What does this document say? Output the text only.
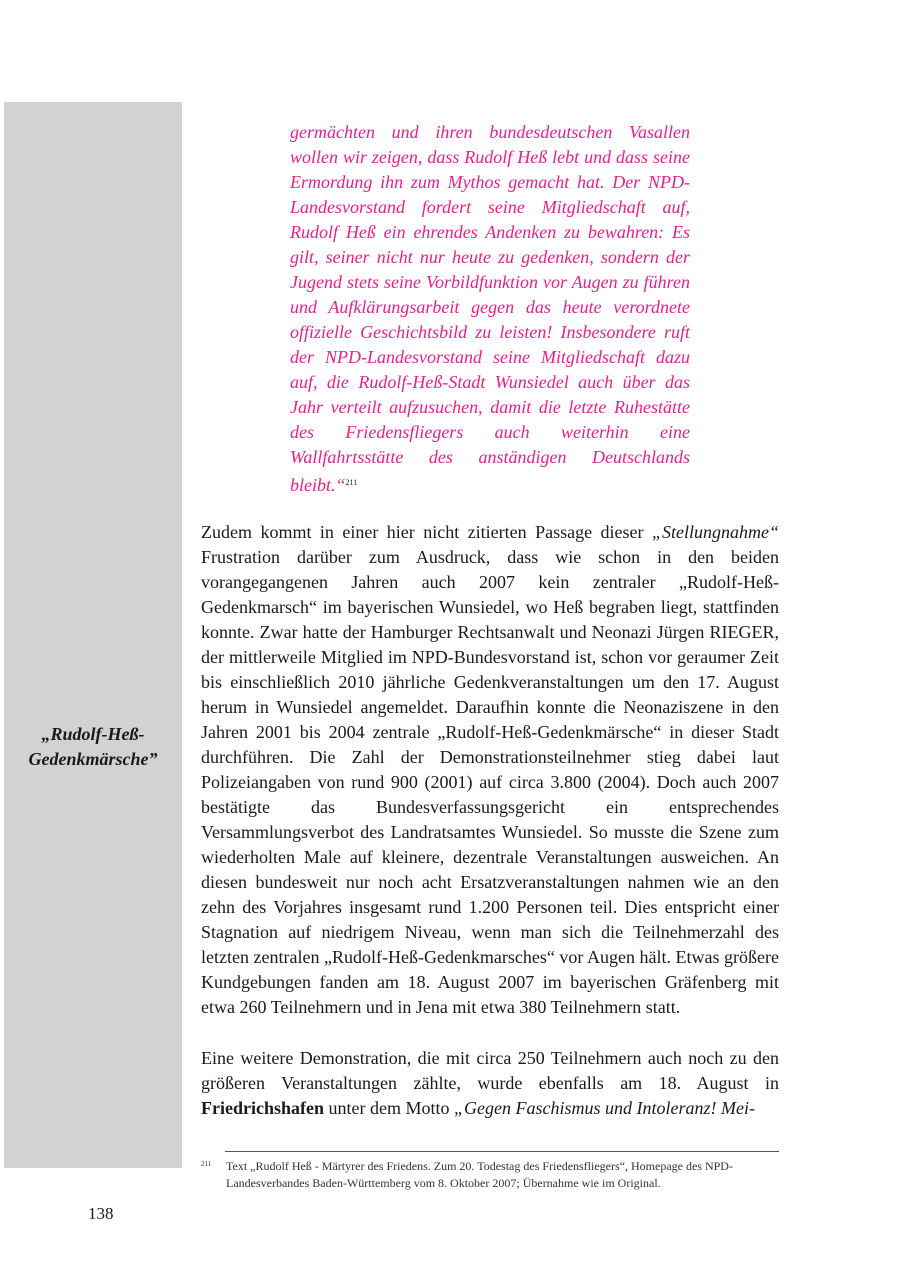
„Rudolf-Heß-Gedenkmärsche”

germächten und ihren bundesdeutschen Vasallen wollen wir zeigen, dass Rudolf Heß lebt und dass seine Ermordung ihn zum Mythos gemacht hat. Der NPD-Landesvorstand fordert seine Mitgliedschaft auf, Rudolf Heß ein ehrendes Andenken zu bewahren: Es gilt, seiner nicht nur heute zu gedenken, sondern der Jugend stets seine Vorbildfunktion vor Augen zu führen und Aufklärungsarbeit gegen das heute verordnete offizielle Geschichtsbild zu leisten! Insbesondere ruft der NPD-Landesvorstand seine Mitgliedschaft dazu auf, die Rudolf-Heß-Stadt Wunsiedel auch über das Jahr verteilt aufzusuchen, damit die letzte Ruhestätte des Friedensfliegers auch weiterhin eine Wallfahrtsstätte des anständigen Deutschlands bleibt.“$^{211}$

Zudem kommt in einer hier nicht zitierten Passage dieser „Stellungnahme“ Frustration darüber zum Ausdruck, dass wie schon in den beiden vorangegangenen Jahren auch 2007 kein zentraler „Rudolf-Heß-Gedenkmarsch“ im bayerischen Wunsiedel, wo Heß begraben liegt, stattfinden konnte. Zwar hatte der Hamburger Rechtsanwalt und Neonazi Jürgen RIEGER, der mittlerweile Mitglied im NPD-Bundesvorstand ist, schon vor geraumer Zeit bis einschließlich 2010 jährliche Gedenkveranstaltungen um den 17. August herum in Wunsiedel angemeldet. Daraufhin konnte die Neonaziszene in den Jahren 2001 bis 2004 zentrale „Rudolf-Heß-Gedenkmärsche“ in dieser Stadt durchführen. Die Zahl der Demonstrationsteilnehmer stieg dabei laut Polizeiangaben von rund 900 (2001) auf circa 3.800 (2004). Doch auch 2007 bestätigte das Bundesverfassungsgericht ein entsprechendes Versammlungsverbot des Landratsamtes Wunsiedel. So musste die Szene zum wiederholten Male auf kleinere, dezentrale Veranstaltungen ausweichen. An diesen bundesweit nur noch acht Ersatzveranstaltungen nahmen wie an den zehn des Vorjahres insgesamt rund 1.200 Personen teil. Dies entspricht einer Stagnation auf niedrigem Niveau, wenn man sich die Teilnehmerzahl des letzten zentralen „Rudolf-Heß-Gedenkmarsches“ vor Augen hält. Etwas größere Kundgebungen fanden am 18. August 2007 im bayerischen Gräfenberg mit etwa 260 Teilnehmern und in Jena mit etwa 380 Teilnehmern statt.

Eine weitere Demonstration, die mit circa 250 Teilnehmern auch noch zu den größeren Veranstaltungen zählte, wurde ebenfalls am 18. August in Friedrichshafen unter dem Motto „Gegen Faschismus und Intoleranz! Mei-

211	Text „Rudolf Heß - Märtyrer des Friedens. Zum 20. Todestag des Friedensfliegers“, Homepage des NPD-Landesverbandes Baden-Württemberg vom 8. Oktober 2007; Übernahme wie im Original.
138
